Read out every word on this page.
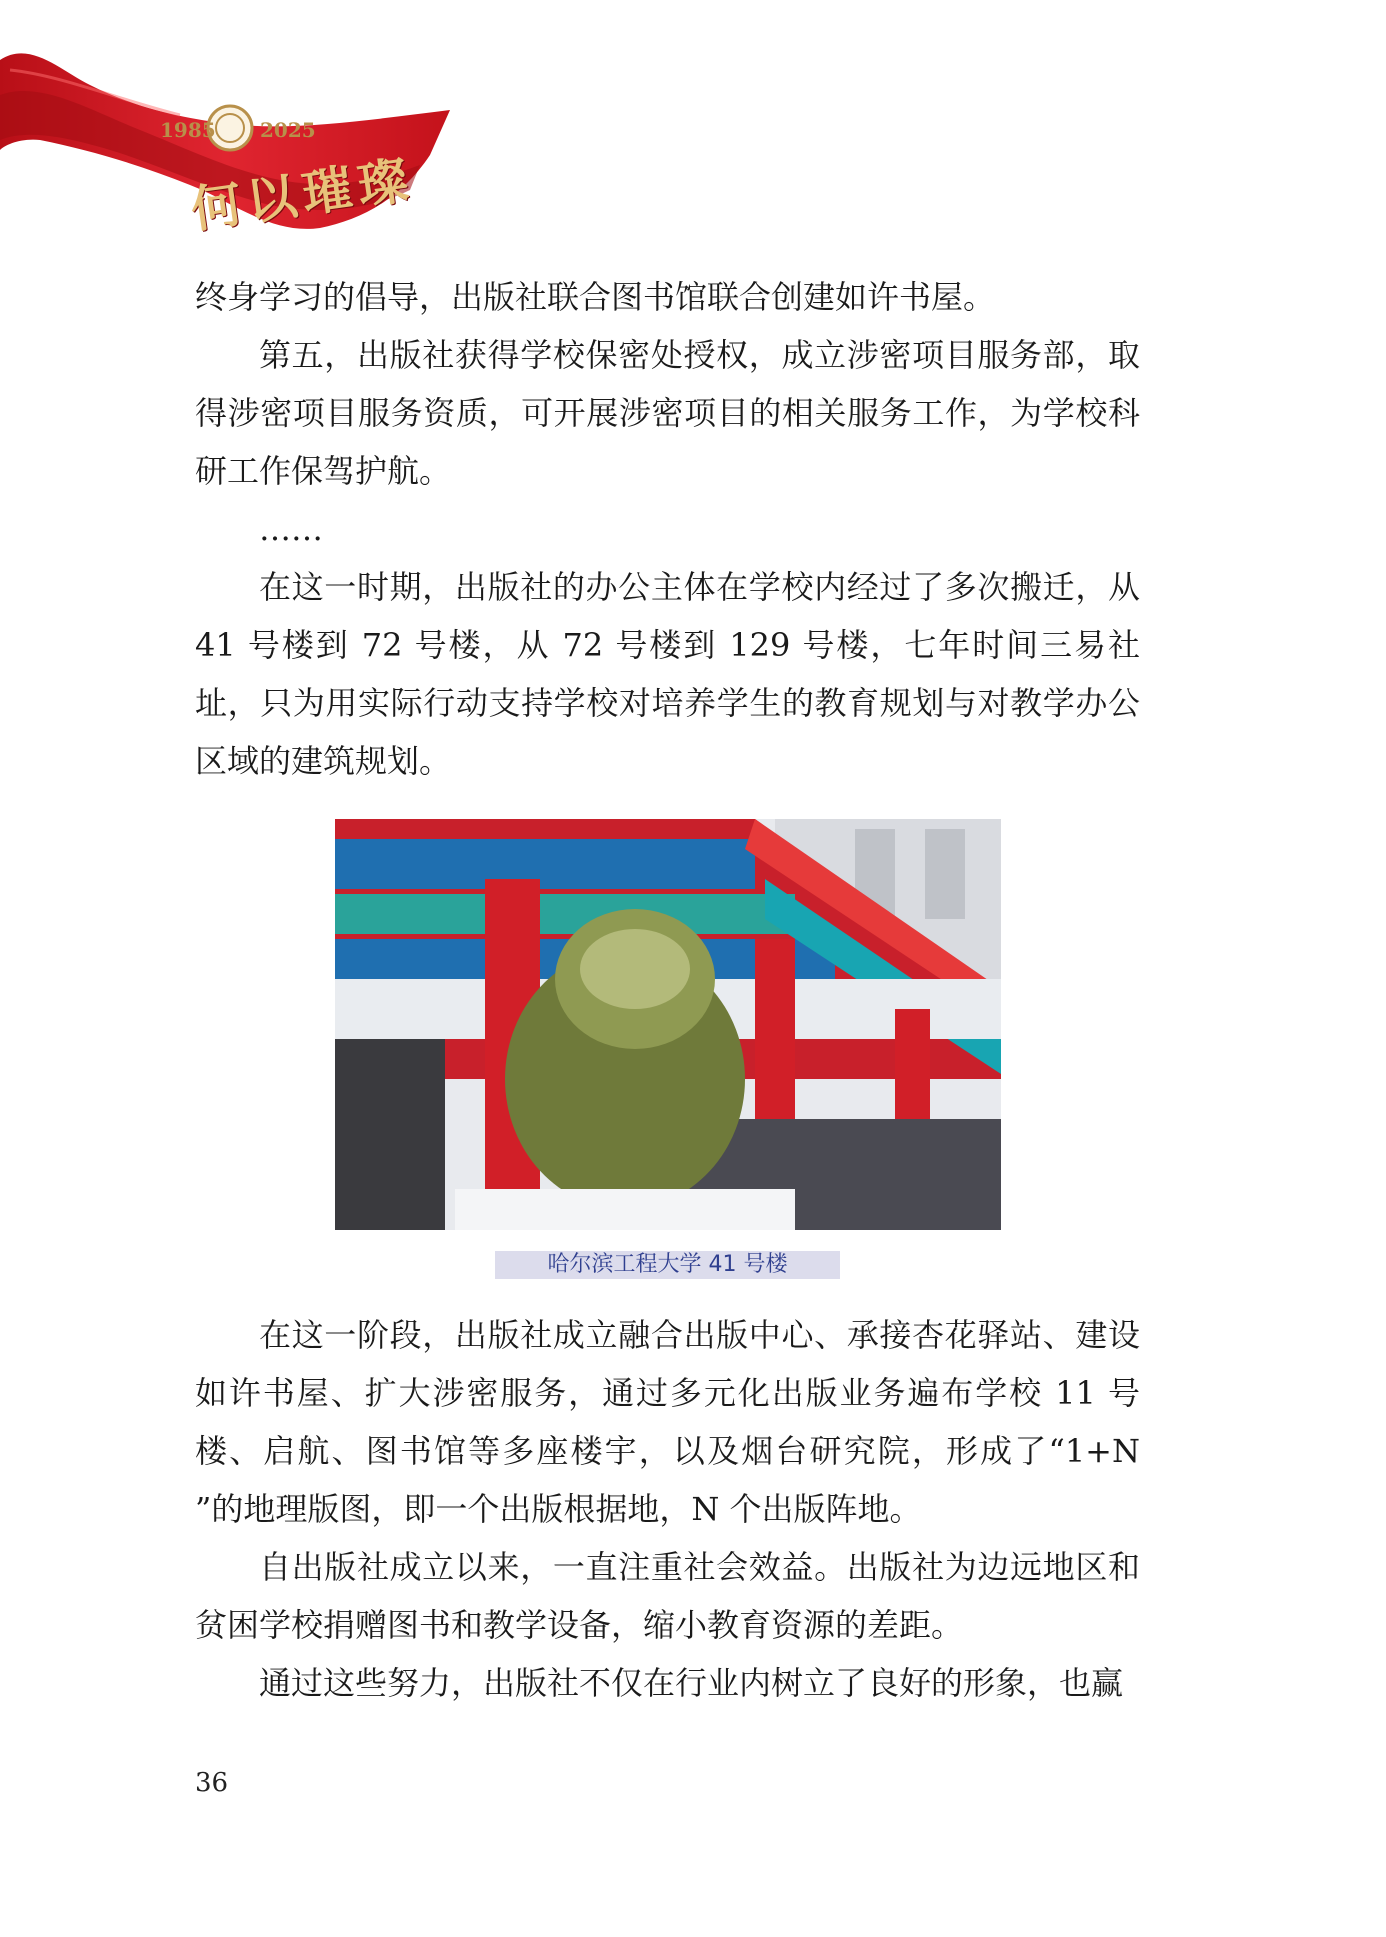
1985 2025
何以璀璨

终身学习的倡导，出版社联合图书馆联合创建如许书屋。

第五，出版社获得学校保密处授权，成立涉密项目服务部，取得涉密项目服务资质，可开展涉密项目的相关服务工作，为学校科研工作保驾护航。

……

在这一时期，出版社的办公主体在学校内经过了多次搬迁，从41 号楼到 72 号楼，从 72 号楼到 129 号楼，七年时间三易社址，只为用实际行动支持学校对培养学生的教育规划与对教学办公区域的建筑规划。

哈尔滨工程大学 41 号楼

在这一阶段，出版社成立融合出版中心、承接杏花驿站、建设如许书屋、扩大涉密服务，通过多元化出版业务遍布学校 11 号楼、启航、图书馆等多座楼宇，以及烟台研究院，形成了“1+N ”的地理版图，即一个出版根据地，N 个出版阵地。

自出版社成立以来，一直注重社会效益。出版社为边远地区和贫困学校捐赠图书和教学设备，缩小教育资源的差距。

通过这些努力，出版社不仅在行业内树立了良好的形象，也赢

36
